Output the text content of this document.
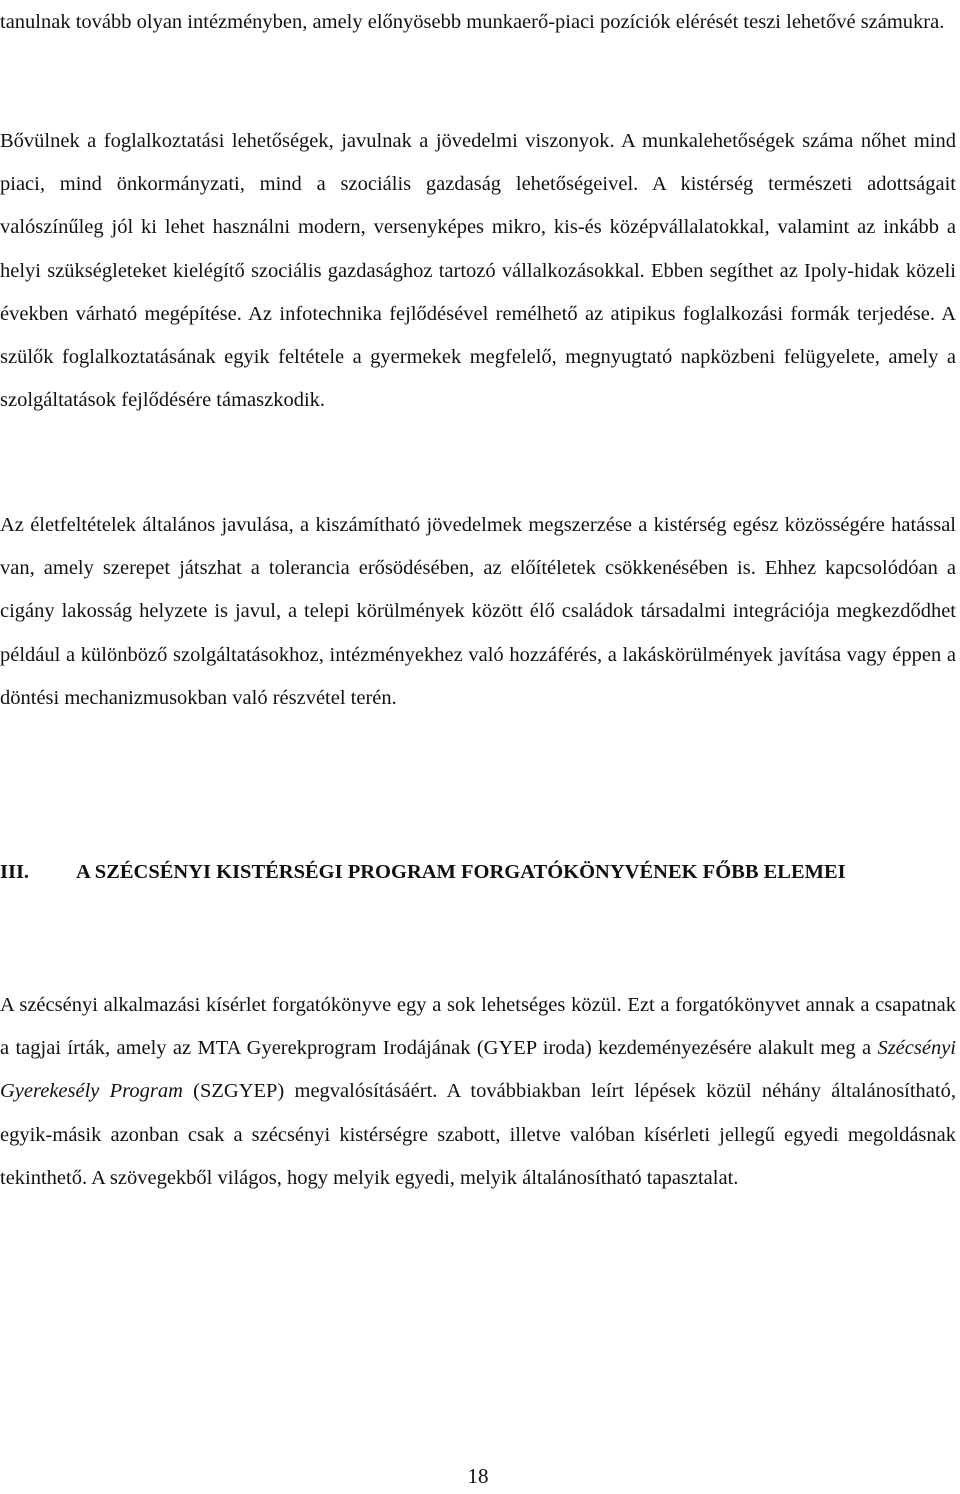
tanulnak tovább olyan intézményben, amely előnyösebb munkaerő-piaci pozíciók elérését teszi lehetővé számukra.

Bővülnek a foglalkoztatási lehetőségek, javulnak a jövedelmi viszonyok. A munkalehetőségek száma nőhet mind piaci, mind önkormányzati, mind a szociális gazdaság lehetőségeivel. A kistérség természeti adottságait valószínűleg jól ki lehet használni modern, versenyképes mikro, kis-és középvállalatokkal, valamint az inkább a helyi szükségleteket kielégítő szociális gazdasághoz tartozó vállalkozásokkal. Ebben segíthet az Ipoly-hidak közeli években várható megépítése. Az infotechnika fejlődésével remélhető az atipikus foglalkozási formák terjedése. A szülők foglalkoztatásának egyik feltétele a gyermekek megfelelő, megnyugtató napközbeni felügyelete, amely a szolgáltatások fejlődésére támaszkodik.

Az életfeltételek általános javulása, a kiszámítható jövedelmek megszerzése a kistérség egész közösségére hatással van, amely szerepet játszhat a tolerancia erősödésében, az előítéletek csökkenésében is. Ehhez kapcsolódóan a cigány lakosság helyzete is javul, a telepi körülmények között élő családok társadalmi integrációja megkezdődhet például a különböző szolgáltatásokhoz, intézményekhez való hozzáférés, a lakáskörülmények javítása vagy éppen a döntési mechanizmusokban való részvétel terén.

III. A SZÉCSÉNYI KISTÉRSÉGI PROGRAM FORGATÓKÖNYVÉNEK FŐBB ELEMEI

A szécsényi alkalmazási kísérlet forgatókönyve egy a sok lehetséges közül. Ezt a forgatókönyvet annak a csapatnak a tagjai írták, amely az MTA Gyerekprogram Irodájának (GYEP iroda) kezdeményezésére alakult meg a Szécsényi Gyerekesély Program (SZGYEP) megvalósításáért. A továbbiakban leírt lépések közül néhány általánosítható, egyik-másik azonban csak a szécsényi kistérségre szabott, illetve valóban kísérleti jellegű egyedi megoldásnak tekinthető. A szövegekből világos, hogy melyik egyedi, melyik általánosítható tapasztalat.

18
